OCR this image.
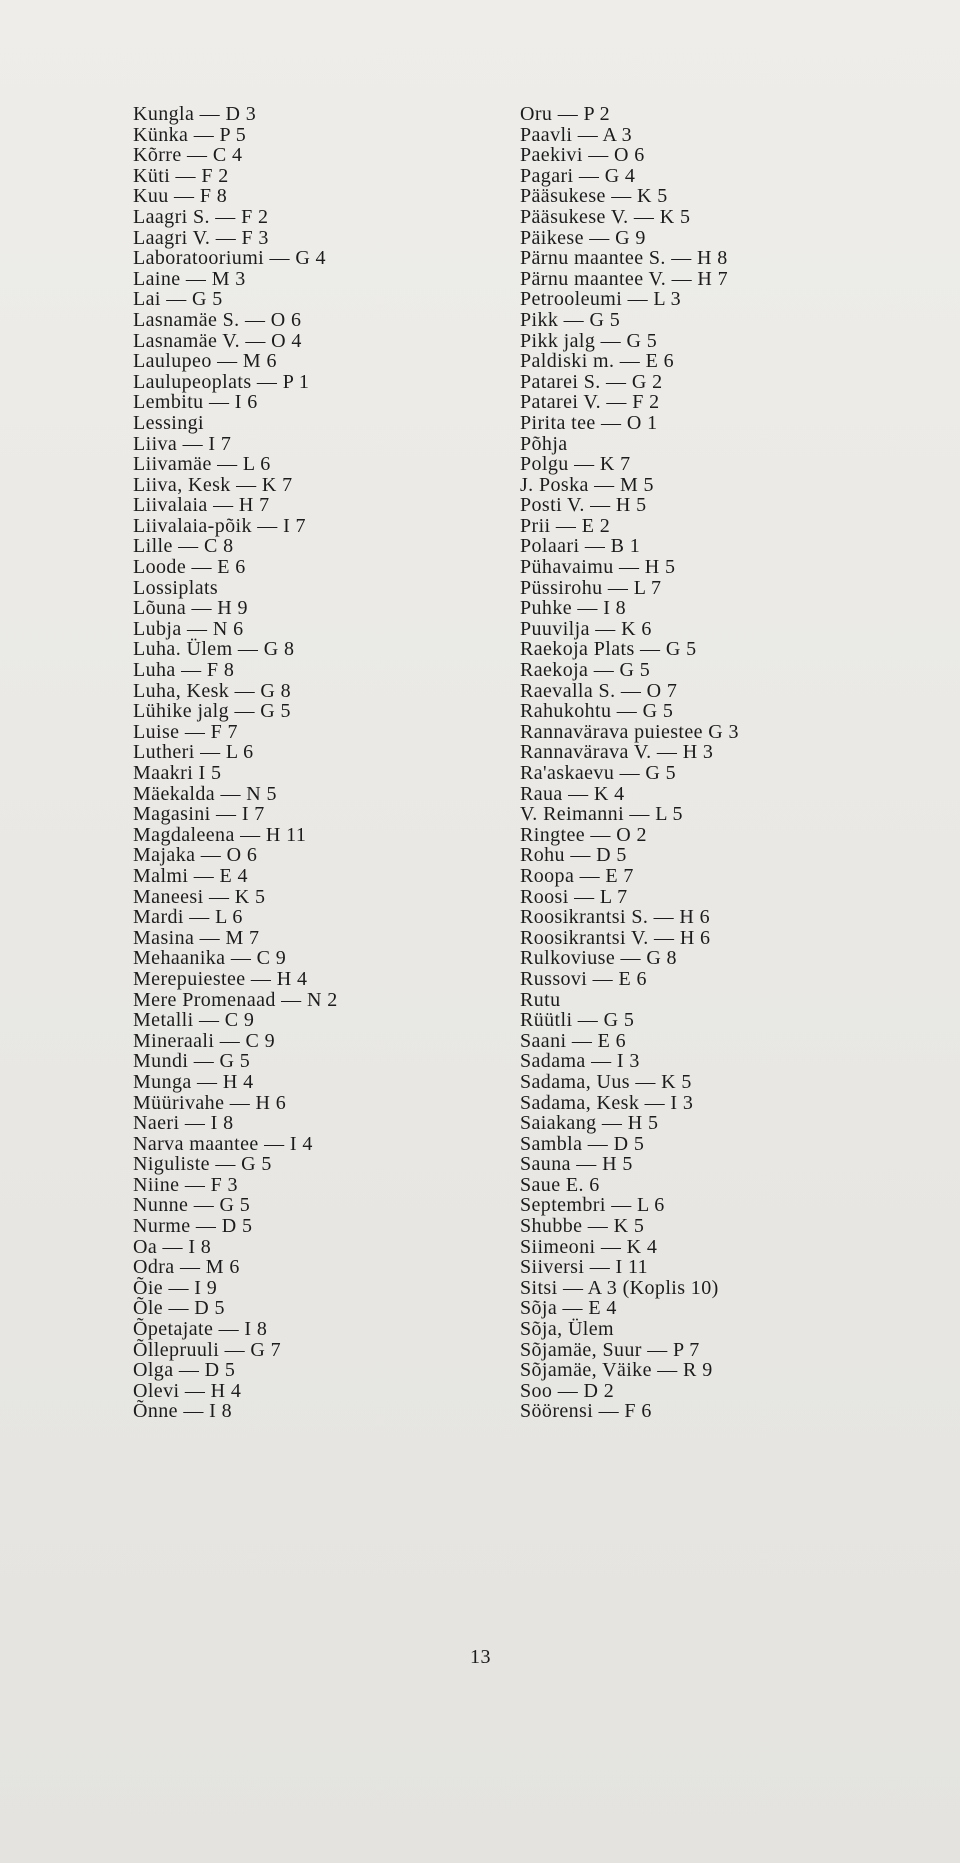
Kungla — D 3
Künka — P 5
Kõrre — C 4
Küti — F 2
Kuu — F 8
Laagri S. — F 2
Laagri V. — F 3
Laboratooriumi — G 4
Laine — M 3
Lai — G 5
Lasnamäe S. — O 6
Lasnamäe V. — O 4
Laulupeo — M 6
Laulupeoplats — P 1
Lembitu — I 6
Lessingi
Liiva — I 7
Liivamäe — L 6
Liiva, Kesk — K 7
Liivalaia — H 7
Liivalaia-põik — I 7
Lille — C 8
Loode — E 6
Lossiplats
Lõuna — H 9
Lubja — N 6
Luha. Ülem — G 8
Luha — F 8
Luha, Kesk — G 8
Lühike jalg — G 5
Luise — F 7
Lutheri — L 6
Maakri I 5
Mäekalda — N 5
Magasini — I 7
Magdaleena — H 11
Majaka — O 6
Malmi — E 4
Maneesi — K 5
Mardi — L 6
Masina — M 7
Mehaanika — C 9
Merepuiestee — H 4
Mere Promenaad — N 2
Metalli — C 9
Mineraali — C 9
Mundi — G 5
Munga — H 4
Müürivahe — H 6
Naeri — I 8
Narva maantee — I 4
Niguliste — G 5
Niine — F 3
Nunne — G 5
Nurme — D 5
Oa — I 8
Odra — M 6
Õie — I 9
Õle — D 5
Õpetajate — I 8
Õllepruuli — G 7
Olga — D 5
Olevi — H 4
Õnne — I 8
Oru — P 2
Paavli — A 3
Paekivi — O 6
Pagari — G 4
Pääsukese — K 5
Pääsukese V. — K 5
Päikese — G 9
Pärnu maantee S. — H 8
Pärnu maantee V. — H 7
Petrooleumi — L 3
Pikk — G 5
Pikk jalg — G 5
Paldiski m. — E 6
Patarei S. — G 2
Patarei V. — F 2
Pirita tee — O 1
Põhja
Polgu — K 7
J. Poska — M 5
Posti V. — H 5
Prii — E 2
Polaari — B 1
Pühavaimu — H 5
Püssirohu — L 7
Puhke — I 8
Puuvilja — K 6
Raekoja Plats — G 5
Raekoja — G 5
Raevalla S. — O 7
Rahukohtu — G 5
Rannavärava puiestee G 3
Rannavärava V. — H 3
Ra'askaevu — G 5
Raua — K 4
V. Reimanni — L 5
Ringtee — O 2
Rohu — D 5
Roopa — E 7
Roosi — L 7
Roosikrantsi S. — H 6
Roosikrantsi V. — H 6
Rulkoviuse — G 8
Russovi — E 6
Rutu
Rüütli — G 5
Saani — E 6
Sadama — I 3
Sadama, Uus — K 5
Sadama, Kesk — I 3
Saiakang — H 5
Sambla — D 5
Sauna — H 5
Saue E. 6
Septembri — L 6
Shubbe — K 5
Siimeoni — K 4
Siiversi — I 11
Sitsi — A 3 (Koplis 10)
Sõja — E 4
Sõja, Ülem
Sõjamäe, Suur — P 7
Sõjamäe, Väike — R 9
Soo — D 2
Söörensi — F 6
13
